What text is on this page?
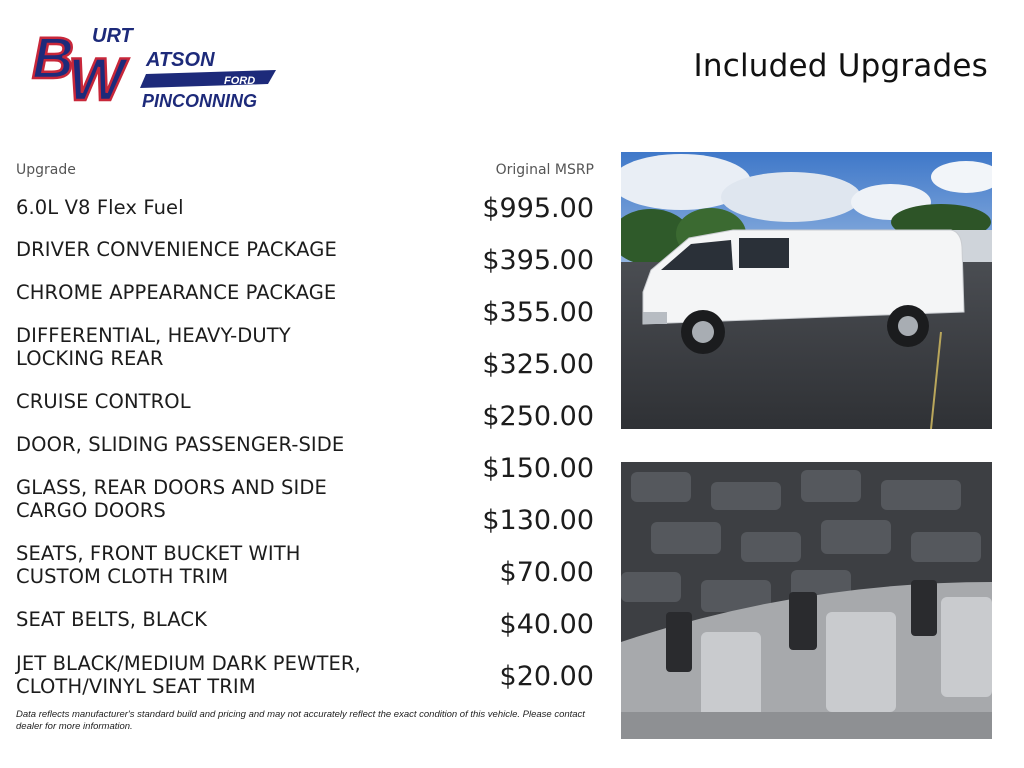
B
W
URT
ATSON
FORD
PINCONNING
Included Upgrades
Upgrade	Original MSRP
6.0L V8 Flex Fuel
DRIVER CONVENIENCE PACKAGE
CHROME APPEARANCE PACKAGE
DIFFERENTIAL, HEAVY-DUTY
LOCKING REAR
CRUISE CONTROL
DOOR, SLIDING PASSENGER-SIDE
GLASS, REAR DOORS AND SIDE
CARGO DOORS
SEATS, FRONT BUCKET WITH
CUSTOM CLOTH TRIM
SEAT BELTS, BLACK
JET BLACK/MEDIUM DARK PEWTER,
CLOTH/VINYL SEAT TRIM
$995.00
$395.00
$355.00
$325.00
$250.00
$150.00
$130.00
$70.00
$40.00
$20.00
Data reflects manufacturer's standard build and pricing and may not accurately reflect the exact condition of this vehicle. Please contact dealer for more information.
